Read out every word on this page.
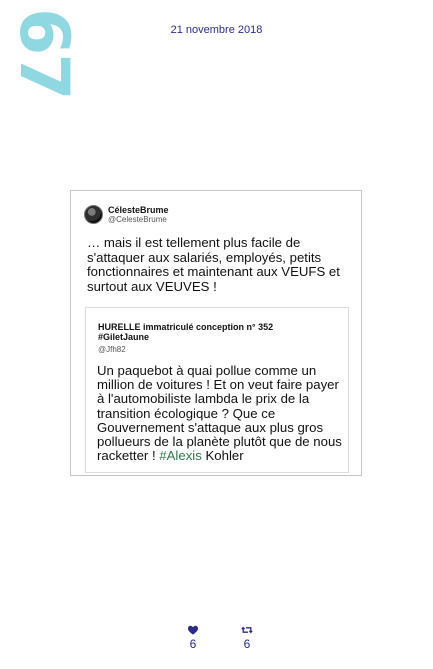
67	21 novembre 2018
CélesteBrume
@CelesteBrume
… mais il est tellement plus facile de s'attaquer aux salariés, employés, petits fonctionnaires et maintenant aux VEUFS et surtout aux VEUVES !
HURELLE immatriculé conception n° 352 #GiletJaune
@Jfh82
Un paquebot à quai pollue comme un million de voitures ! Et on veut faire payer à l'automobiliste lambda le prix de la transition écologique ? Que ce Gouvernement s'attaque aux plus gros pollueurs de la planète plutôt que de nous racketter ! #Alexis Kohler
6	6
